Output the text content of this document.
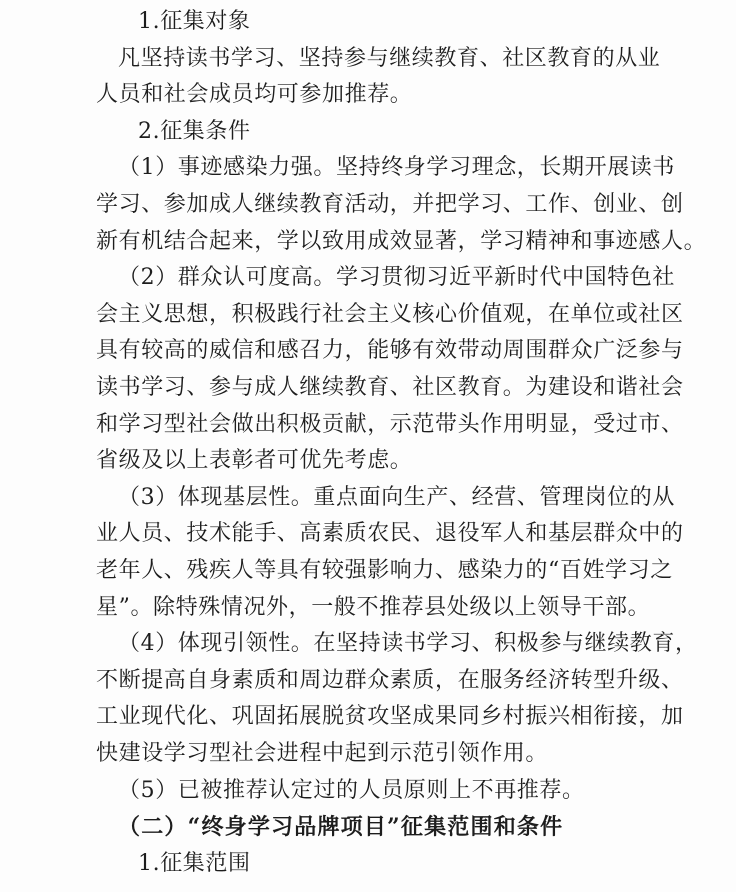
1.征集对象
凡坚持读书学习、坚持参与继续教育、社区教育的从业
人员和社会成员均可参加推荐。
2.征集条件
（1）事迹感染力强。坚持终身学习理念，长期开展读书
学习、参加成人继续教育活动，并把学习、工作、创业、创
新有机结合起来，学以致用成效显著，学习精神和事迹感人。
（2）群众认可度高。学习贯彻习近平新时代中国特色社
会主义思想，积极践行社会主义核心价值观，在单位或社区
具有较高的威信和感召力，能够有效带动周围群众广泛参与
读书学习、参与成人继续教育、社区教育。为建设和谐社会
和学习型社会做出积极贡献，示范带头作用明显，受过市、
省级及以上表彰者可优先考虑。
（3）体现基层性。重点面向生产、经营、管理岗位的从
业人员、技术能手、高素质农民、退役军人和基层群众中的
老年人、残疾人等具有较强影响力、感染力的“百姓学习之
星”。除特殊情况外，一般不推荐县处级以上领导干部。
（4）体现引领性。在坚持读书学习、积极参与继续教育，
不断提高自身素质和周边群众素质，在服务经济转型升级、
工业现代化、巩固拓展脱贫攻坚成果同乡村振兴相衔接，加
快建设学习型社会进程中起到示范引领作用。
（5）已被推荐认定过的人员原则上不再推荐。
（二）“终身学习品牌项目”征集范围和条件
1.征集范围
